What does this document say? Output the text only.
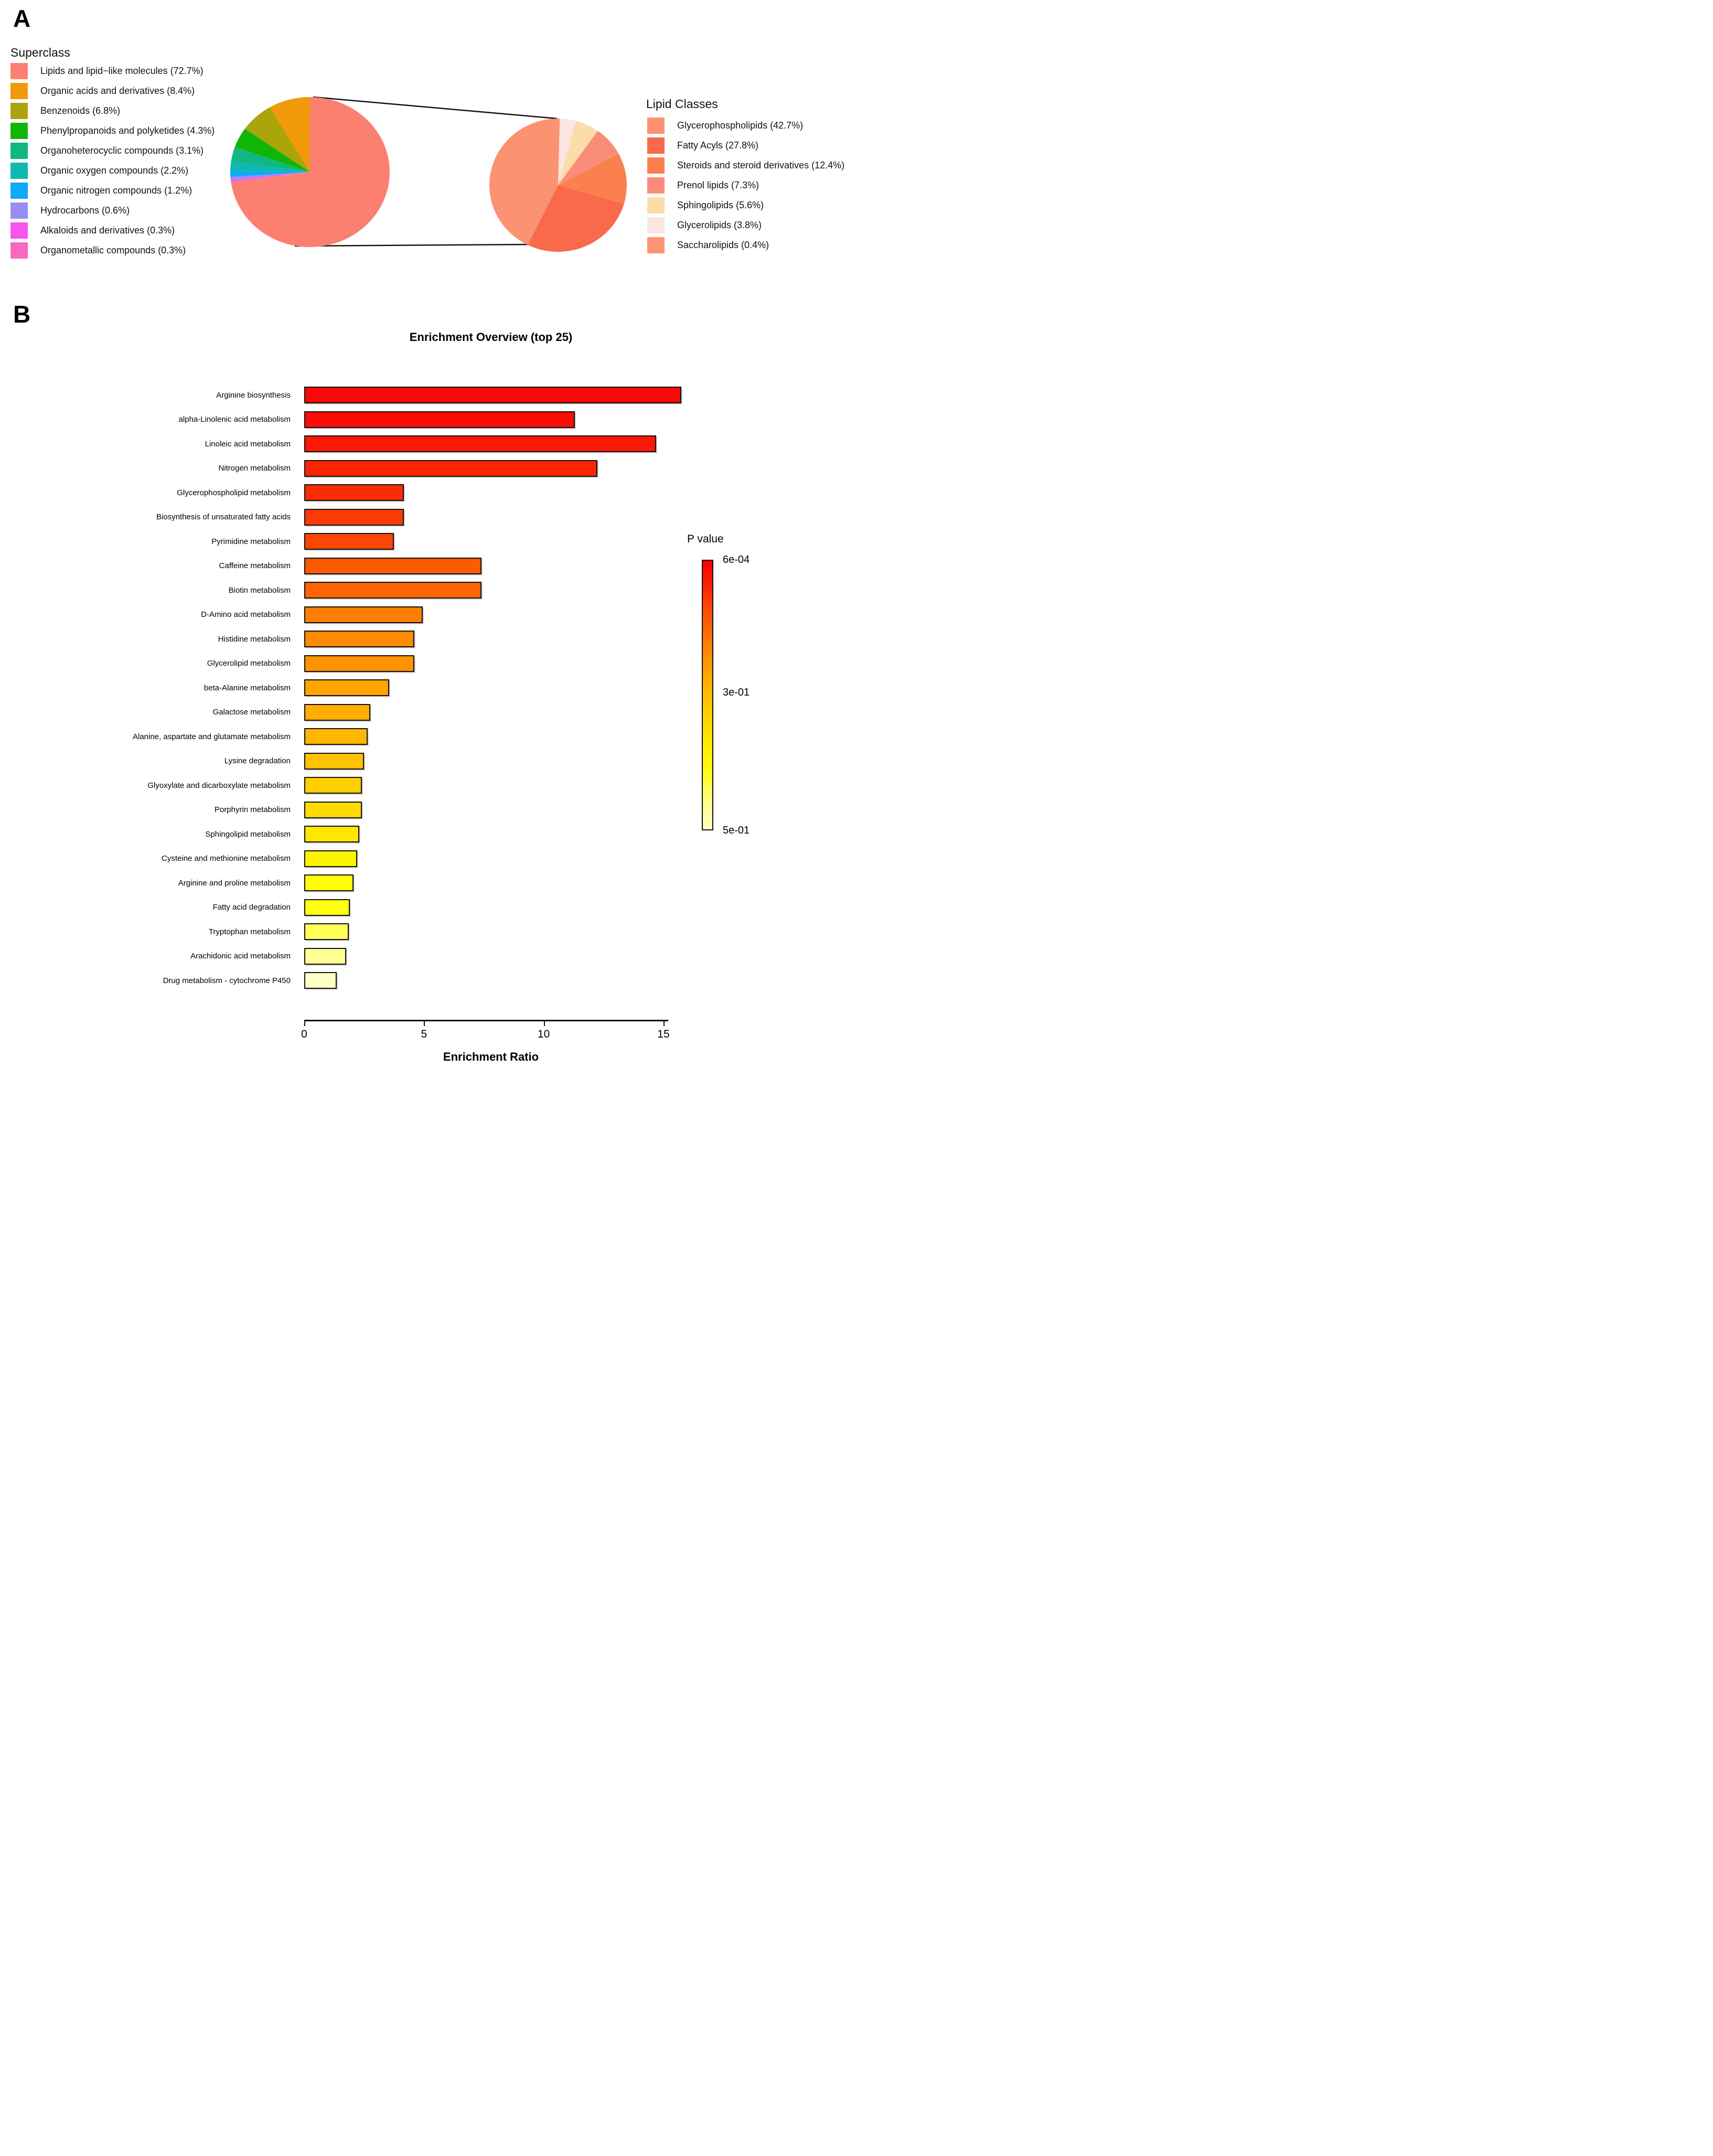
A
Superclass
Lipids and lipid−like molecules (72.7%)
Organic acids and derivatives (8.4%)
Benzenoids (6.8%)
Phenylpropanoids and polyketides (4.3%)
Organoheterocyclic compounds (3.1%)
Organic oxygen compounds (2.2%)
Organic nitrogen compounds (1.2%)
Hydrocarbons (0.6%)
Alkaloids and derivatives (0.3%)
Organometallic compounds (0.3%)
Lipid Classes
Glycerophospholipids (42.7%)
Fatty Acyls (27.8%)
Steroids and steroid derivatives (12.4%)
Prenol lipids (7.3%)
Sphingolipids (5.6%)
Glycerolipids (3.8%)
Saccharolipids (0.4%)
B
Enrichment Overview (top 25)
Arginine biosynthesis
alpha-Linolenic acid metabolism
Linoleic acid metabolism
Nitrogen metabolism
Glycerophospholipid metabolism
Biosynthesis of unsaturated fatty acids
Pyrimidine metabolism
Caffeine metabolism
Biotin metabolism
D-Amino acid metabolism
Histidine metabolism
Glycerolipid metabolism
beta-Alanine metabolism
Galactose metabolism
Alanine, aspartate and glutamate metabolism
Lysine degradation
Glyoxylate and dicarboxylate metabolism
Porphyrin metabolism
Sphingolipid metabolism
Cysteine and methionine metabolism
Arginine and proline metabolism
Fatty acid degradation
Tryptophan metabolism
Arachidonic acid metabolism
Drug metabolism - cytochrome P450
0	5	10	15
Enrichment Ratio
P value
6e-04
3e-01
5e-01
